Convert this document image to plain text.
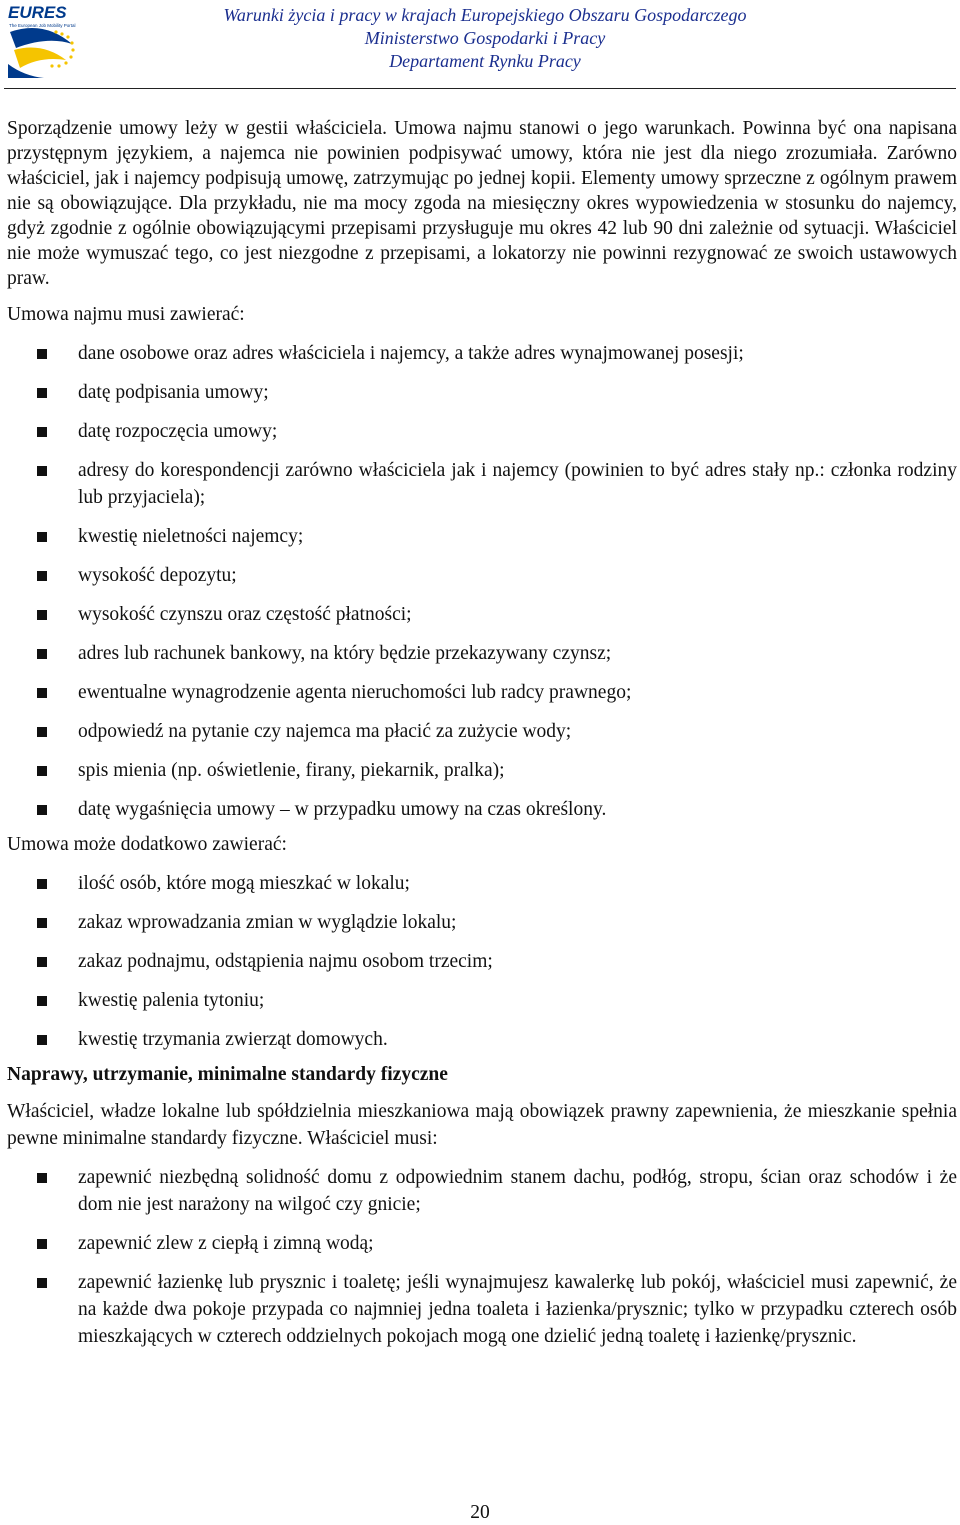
EURES
The European Job Mobility Portal
Warunki życia i pracy w krajach Europejskiego Obszaru Gospodarczego
Ministerstwo Gospodarki i Pracy
Departament Rynku Pracy

Sporządzenie umowy leży w gestii właściciela. Umowa najmu stanowi o jego warunkach. Powinna być ona napisana przystępnym językiem, a najemca nie powinien podpisywać umowy, która nie jest dla niego zrozumiała. Zarówno właściciel, jak i najemcy podpisują umowę, zatrzymując po jednej kopii. Elementy umowy sprzeczne z ogólnym prawem nie są obowiązujące. Dla przykładu, nie ma mocy zgoda na miesięczny okres wypowiedzenia w stosunku do najemcy, gdyż zgodnie z ogólnie obowiązującymi przepisami przysługuje mu okres 42 lub 90 dni zależnie od sytuacji. Właściciel nie może wymuszać tego, co jest niezgodne z przepisami, a lokatorzy nie powinni rezygnować ze swoich ustawowych praw.

Umowa najmu musi zawierać:

dane osobowe oraz adres właściciela i najemcy, a także adres wynajmowanej posesji;
datę podpisania umowy;
datę rozpoczęcia umowy;
adresy do korespondencji zarówno właściciela jak i najemcy (powinien to być adres stały np.: członka rodziny lub przyjaciela);
kwestię nieletności najemcy;
wysokość depozytu;
wysokość czynszu oraz częstość płatności;
adres lub rachunek bankowy, na który będzie przekazywany czynsz;
ewentualne wynagrodzenie agenta nieruchomości lub radcy prawnego;
odpowiedź na pytanie czy najemca ma płacić za zużycie wody;
spis mienia (np. oświetlenie, firany, piekarnik, pralka);
datę wygaśnięcia umowy – w przypadku umowy na czas określony.

Umowa może dodatkowo zawierać:

ilość osób, które mogą mieszkać w lokalu;
zakaz wprowadzania zmian w wyglądzie lokalu;
zakaz podnajmu, odstąpienia najmu osobom trzecim;
kwestię palenia tytoniu;
kwestię trzymania zwierząt domowych.
Naprawy, utrzymanie, minimalne standardy fizyczne

Właściciel, władze lokalne lub spółdzielnia mieszkaniowa mają obowiązek prawny zapewnienia, że mieszkanie spełnia pewne minimalne standardy fizyczne. Właściciel musi:

zapewnić niezbędną solidność domu z odpowiednim stanem dachu, podłóg, stropu, ścian oraz schodów i że dom nie jest narażony na wilgoć czy gnicie;
zapewnić zlew z ciepłą i zimną wodą;
zapewnić łazienkę lub prysznic i toaletę; jeśli wynajmujesz kawalerkę lub pokój, właściciel musi zapewnić, że na każde dwa pokoje przypada co najmniej jedna toaleta i łazienka/prysznic; tylko w przypadku czterech osób mieszkających w czterech oddzielnych pokojach mogą one dzielić jedną toaletę i łazienkę/prysznic.
20
